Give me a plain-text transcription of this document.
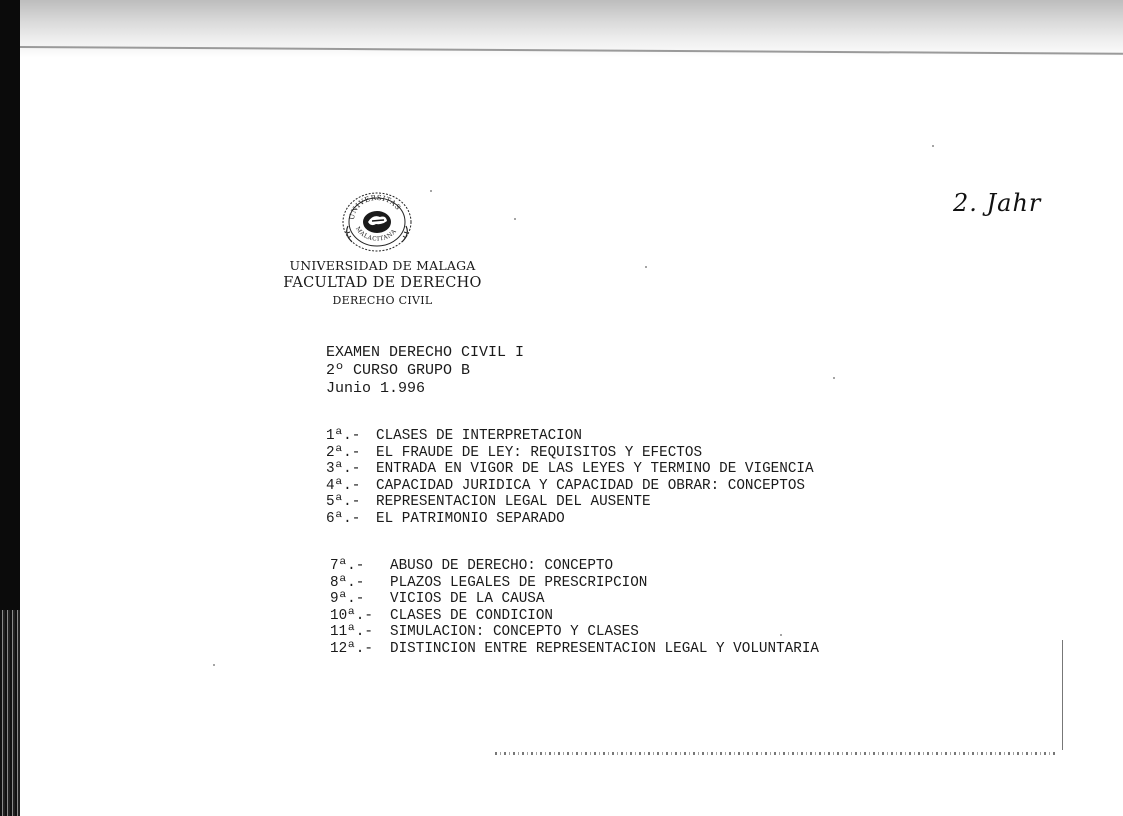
UNIVERSITAS
MALACITANA
UNIVERSIDAD DE MALAGA
FACULTAD DE DERECHO
DERECHO CIVIL
2. Jahr
EXAMEN DERECHO CIVIL I
2º CURSO GRUPO B
Junio 1.996
1ª.-	CLASES DE INTERPRETACION
2ª.-	EL FRAUDE DE LEY: REQUISITOS Y EFECTOS
3ª.-	ENTRADA EN VIGOR DE LAS LEYES Y TERMINO DE VIGENCIA
4ª.-	CAPACIDAD JURIDICA Y CAPACIDAD DE OBRAR: CONCEPTOS
5ª.-	REPRESENTACION LEGAL DEL AUSENTE
6ª.-	EL PATRIMONIO SEPARADO
7ª.-	ABUSO DE DERECHO: CONCEPTO
8ª.-	PLAZOS LEGALES DE PRESCRIPCION
9ª.-	VICIOS DE LA CAUSA
10ª.-	CLASES DE CONDICION
11ª.-	SIMULACION: CONCEPTO Y CLASES
12ª.-	DISTINCION ENTRE REPRESENTACION LEGAL Y VOLUNTARIA
